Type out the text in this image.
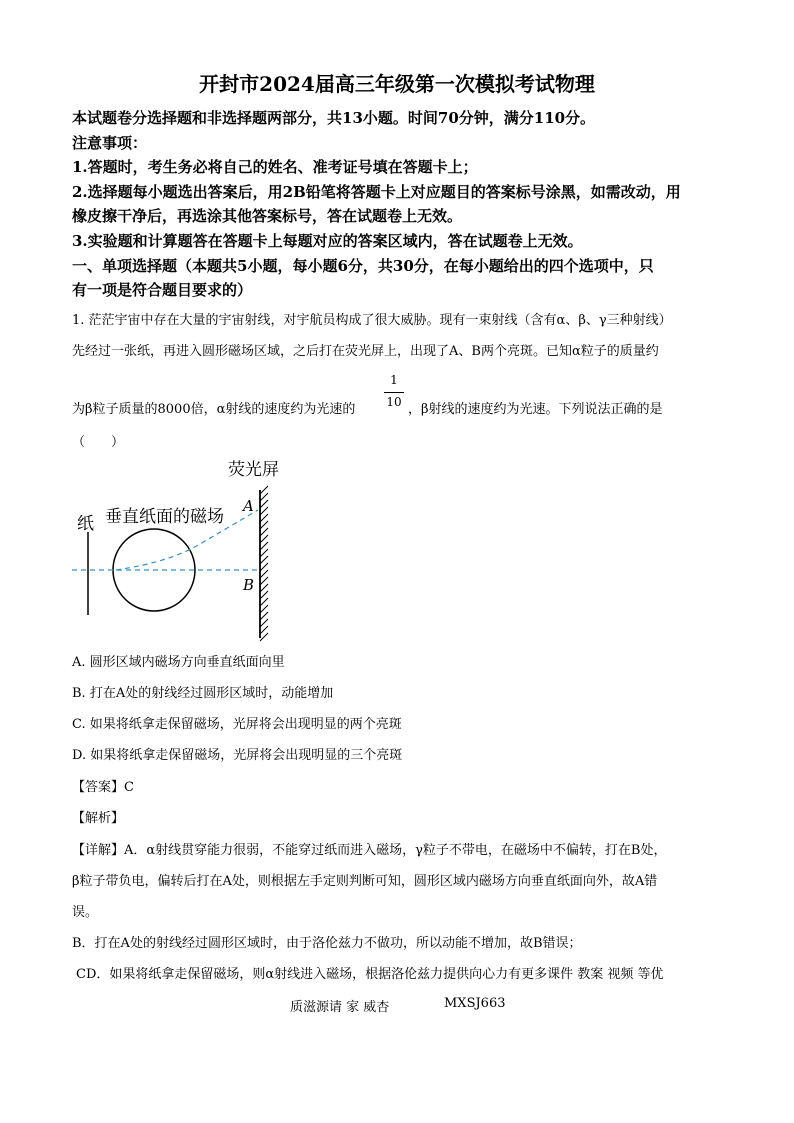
开封市2024届高三年级第一次模拟考试物理
本试题卷分选择题和非选择题两部分，共13小题。时间70分钟，满分110分。
注意事项：
1.答题时，考生务必将自己的姓名、准考证号填在答题卡上；
2.选择题每小题选出答案后，用2B铅笔将答题卡上对应题目的答案标号涂黑，如需改动，用
橡皮擦干净后，再选涂其他答案标号，答在试题卷上无效。
3.实验题和计算题答在答题卡上每题对应的答案区域内，答在试题卷上无效。
一、单项选择题（本题共5小题，每小题6分，共30分，在每小题给出的四个选项中，只
有一项是符合题目要求的）
1. 茫茫宇宙中存在大量的宇宙射线，对宇航员构成了很大威胁。现有一束射线（含有α、β、γ三种射线）
先经过一张纸，再进入圆形磁场区域，之后打在荧光屏上，出现了A、B两个亮斑。已知α粒子的质量约
为β粒子质量的8000倍，α射线的速度约为光速的
1
10 ，β射线的速度约为光速。下列说法正确的是
（　　）
荧光屏
垂直纸面的磁场
纸
A
B
A. 圆形区域内磁场方向垂直纸面向里
B. 打在A处的射线经过圆形区域时，动能增加
C. 如果将纸拿走保留磁场，光屏将会出现明显的两个亮斑
D. 如果将纸拿走保留磁场，光屏将会出现明显的三个亮斑
【答案】C
【解析】
【详解】A．α射线贯穿能力很弱，不能穿过纸而进入磁场，γ粒子不带电，在磁场中不偏转，打在B处，
β粒子带负电，偏转后打在A处，则根据左手定则判断可知，圆形区域内磁场方向垂直纸面向外，故A错
误。
B．打在A处的射线经过圆形区域时，由于洛伦兹力不做功，所以动能不增加，故B错误；
CD．如果将纸拿走保留磁场，则α射线进入磁场，根据洛伦兹力提供向心力有更多课件 教案 视频 等优
质滋源请 家 威杏	MXSJ663
